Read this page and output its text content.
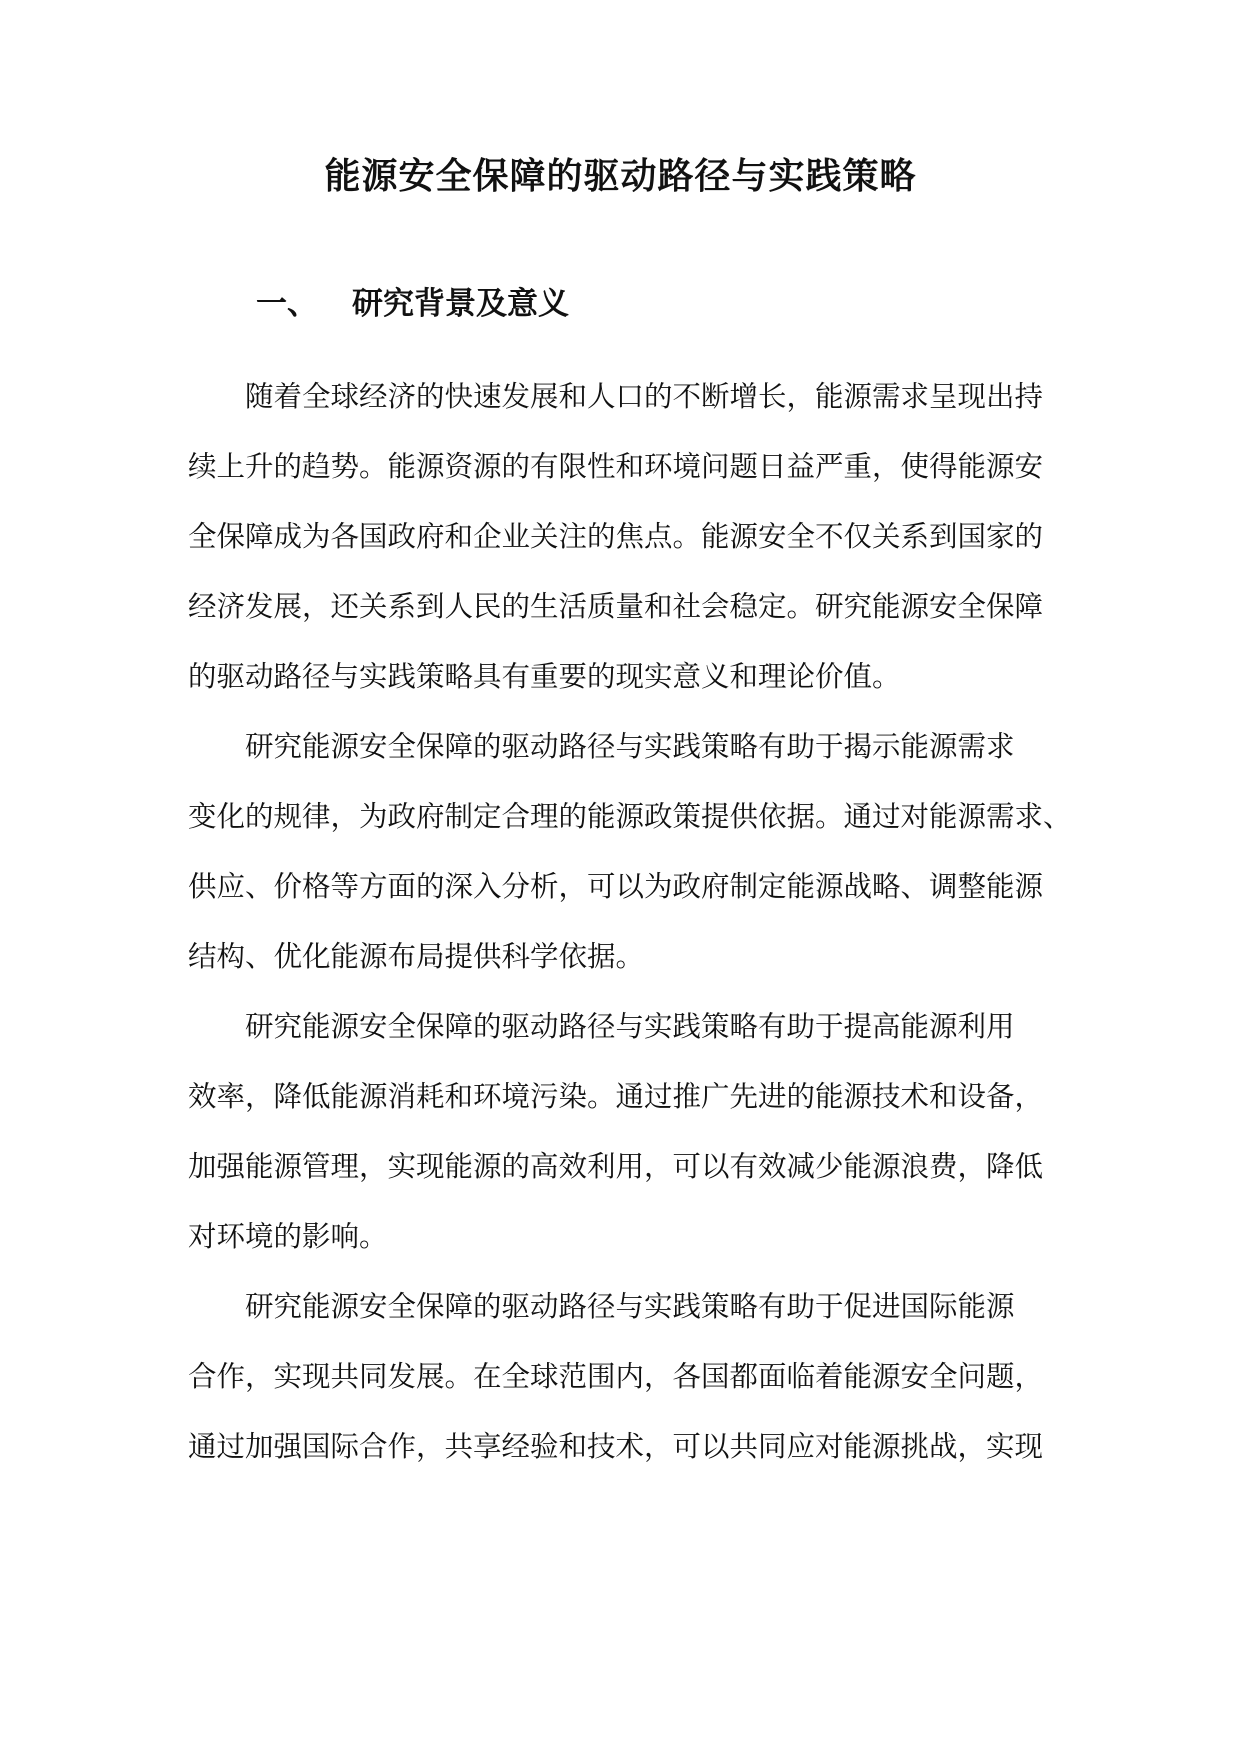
能源安全保障的驱动路径与实践策略
一、 研究背景及意义

随着全球经济的快速发展和人口的不断增长，能源需求呈现出持
续上升的趋势。能源资源的有限性和环境问题日益严重，使得能源安
全保障成为各国政府和企业关注的焦点。能源安全不仅关系到国家的
经济发展，还关系到人民的生活质量和社会稳定。研究能源安全保障
的驱动路径与实践策略具有重要的现实意义和理论价值。

研究能源安全保障的驱动路径与实践策略有助于揭示能源需求
变化的规律，为政府制定合理的能源政策提供依据。通过对能源需求、
供应、价格等方面的深入分析，可以为政府制定能源战略、调整能源
结构、优化能源布局提供科学依据。

研究能源安全保障的驱动路径与实践策略有助于提高能源利用
效率，降低能源消耗和环境污染。通过推广先进的能源技术和设备，
加强能源管理，实现能源的高效利用，可以有效减少能源浪费，降低
对环境的影响。

研究能源安全保障的驱动路径与实践策略有助于促进国际能源
合作，实现共同发展。在全球范围内，各国都面临着能源安全问题，
通过加强国际合作，共享经验和技术，可以共同应对能源挑战，实现
